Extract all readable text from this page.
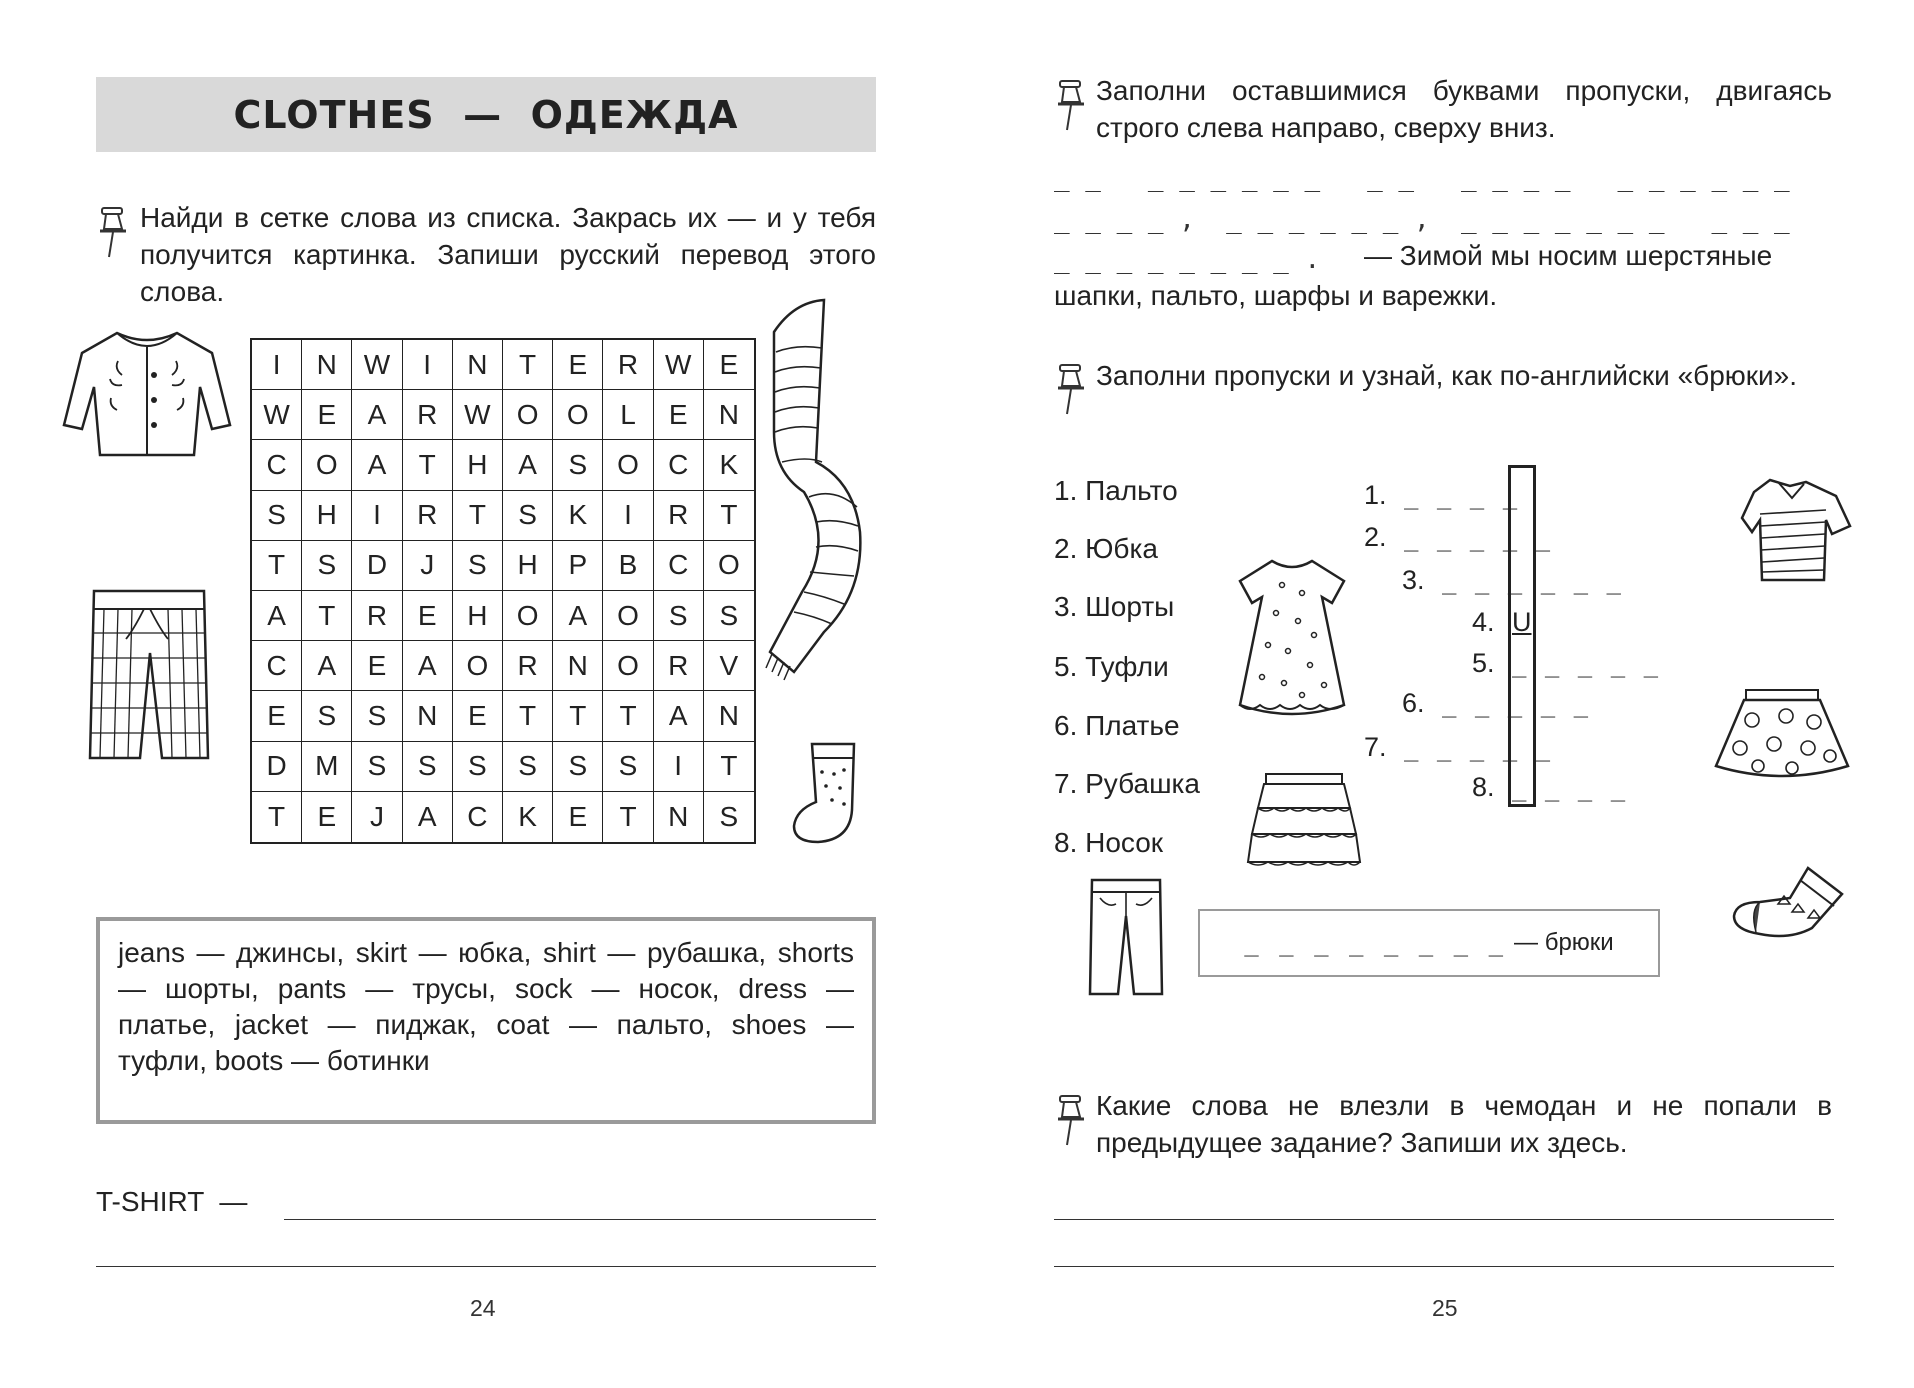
CLOTHES  —  ОДЕЖДА
Найди в сетке слова из списка. Закрась их — и у тебя получится картинка. Запиши русский перевод этого слова.
I	N W	I	N	T	E	R W	E
W E	A	R W O	O	L	E	N
C	O	A	T	H	A	S	O	C	K
S	H	I	R	T	S	K	I	R	T
T	S	D	J	S	H	P	B	C	O
A	T	R	E	H	O	A	O	S	S
C	A	E	A	O	R	N	O	R	V
E	S	S	N	E	T	T	T	A	N
D	M	S	S	S	S	S	S	I	T
T	E	J	A	C	K	E	T	N	S
jeans — джинсы, skirt — юбка, shirt — рубашка, shorts — шорты, pants — трусы, sock — носок, dress — платье, jacket — пиджак, coat — пальто, shoes — туфли, boots — ботинки
T-SHIRT  —
24
Заполни оставшимися буквами пропуски, двигаясь строго слева направо, сверху вниз.
_ _   _ _ _ _ _ _   _ _   _ _ _ _   _ _ _ _ _ _
_ _ _ _ ,  _ _ _ _ _ _ ,  _ _ _ _ _ _ _   _ _ _
_ _ _ _ _ _ _ _ . — Зимой мы носим шерстяные
шапки, пальто, шарфы и варежки.
Заполни пропуски и узнай, как по-английски «брюки».
1. Пальто
2. Юбка
3. Шорты
5. Туфли
6. Платье
7. Рубашка
8. Носок
1. _ _ _ _
2. _ _ _ _ _
3. _ _ _ _ _ _
4. U
5. _ _ _ _ _
6. _ _ _ _ _
7. _ _ _ _ _
8. _ _ _ _
_ _ _ _ _ _ _ _ — брюки
Какие слова не влезли в чемодан и не попали в предыдущее задание? Запиши их здесь.
25
